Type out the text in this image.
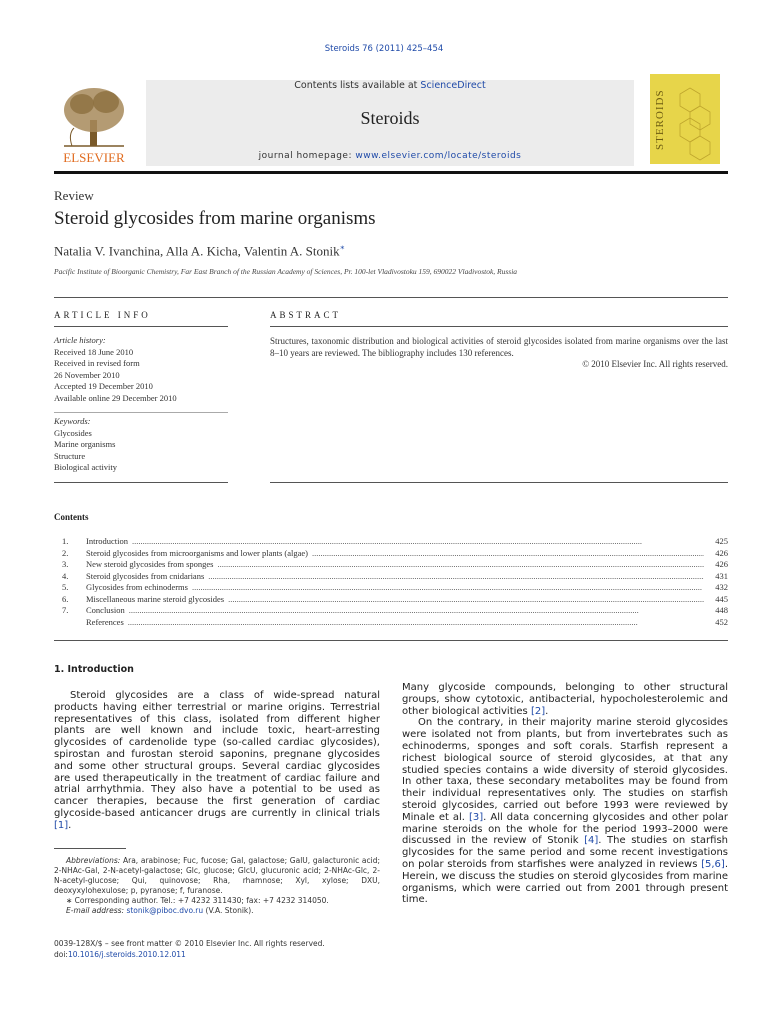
Steroids 76 (2011) 425–454
ELSEVIER
Contents lists available at ScienceDirect
Steroids
journal homepage: www.elsevier.com/locate/steroids
STEROIDS
Review
Steroid glycosides from marine organisms
Natalia V. Ivanchina, Alla A. Kicha, Valentin A. Stonik∗
Pacific Institute of Bioorganic Chemistry, Far East Branch of the Russian Academy of Sciences, Pr. 100-let Vladivostoku 159, 690022 Vladivostok, Russia
ARTICLE INFO
Article history:
Received 18 June 2010
Received in revised form
26 November 2010
Accepted 19 December 2010
Available online 29 December 2010
Keywords:
Glycosides
Marine organisms
Structure
Biological activity
ABSTRACT
Structures, taxonomic distribution and biological activities of steroid glycosides isolated from marine organisms over the last 8–10 years are reviewed. The bibliography includes 130 references.
© 2010 Elsevier Inc. All rights reserved.
Contents
1.	Introduction .....	425
2.	Steroid glycosides from microorganisms and lower plants (algae) .....	426
3.	New steroid glycosides from sponges .....	426
4.	Steroid glycosides from cnidarians .....	431
5.	Glycosides from echinoderms .....	432
6.	Miscellaneous marine steroid glycosides .....	445
7.	Conclusion .....	448
References .....	452
1. Introduction

Steroid glycosides are a class of wide-spread natural products having either terrestrial or marine origins. Terrestrial representatives of this class, isolated from different higher plants are well known and include toxic, heart-arresting glycosides of cardenolide type (so-called cardiac glycosides), spirostan and furostan steroid saponins, pregnane glycosides and some other structural groups. Several cardiac glycosides are used therapeutically in the treatment of cardiac failure and atrial arrhythmia. They also have a potential to be used as cancer therapies, because the first generation of cardiac glycoside-based anticancer drugs are currently in clinical trials [1].

Many glycoside compounds, belonging to other structural groups, show cytotoxic, antibacterial, hypocholesterolemic and other biological activities [2].

On the contrary, in their majority marine steroid glycosides were isolated not from plants, but from invertebrates such as echinoderms, sponges and soft corals. Starfish represent a richest biological source of steroid glycosides, at that any studied species contains a wide diversity of steroid glycosides. In other taxa, these secondary metabolites may be found from their individual representatives only. The studies on starfish steroid glycosides, carried out before 1993 were reviewed by Minale et al. [3]. All data concerning glycosides and other polar marine steroids on the whole for the period 1993–2000 were discussed in the review of Stonik [4]. The studies on starfish glycosides for the same period and some recent investigations on polar steroids from starfishes were analyzed in reviews [5,6]. Herein, we discuss the studies on steroid glycosides from marine organisms, which were carried out from 2001 through present time.

Abbreviations: Ara, arabinose; Fuc, fucose; Gal, galactose; GalU, galacturonic acid; 2-NHAc-Gal, 2-N-acetyl-galactose; Glc, glucose; GlcU, glucuronic acid; 2-NHAc-Glc, 2-N-acetyl-glucose; Qui, quinovose; Rha, rhamnose; Xyl, xylose; DXU, deoxyxylohexulose; p, pyranose; f, furanose.

∗ Corresponding author. Tel.: +7 4232 311430; fax: +7 4232 314050.

E-mail address: stonik@piboc.dvo.ru (V.A. Stonik).

0039-128X/$ – see front matter © 2010 Elsevier Inc. All rights reserved.
doi:10.1016/j.steroids.2010.12.011
